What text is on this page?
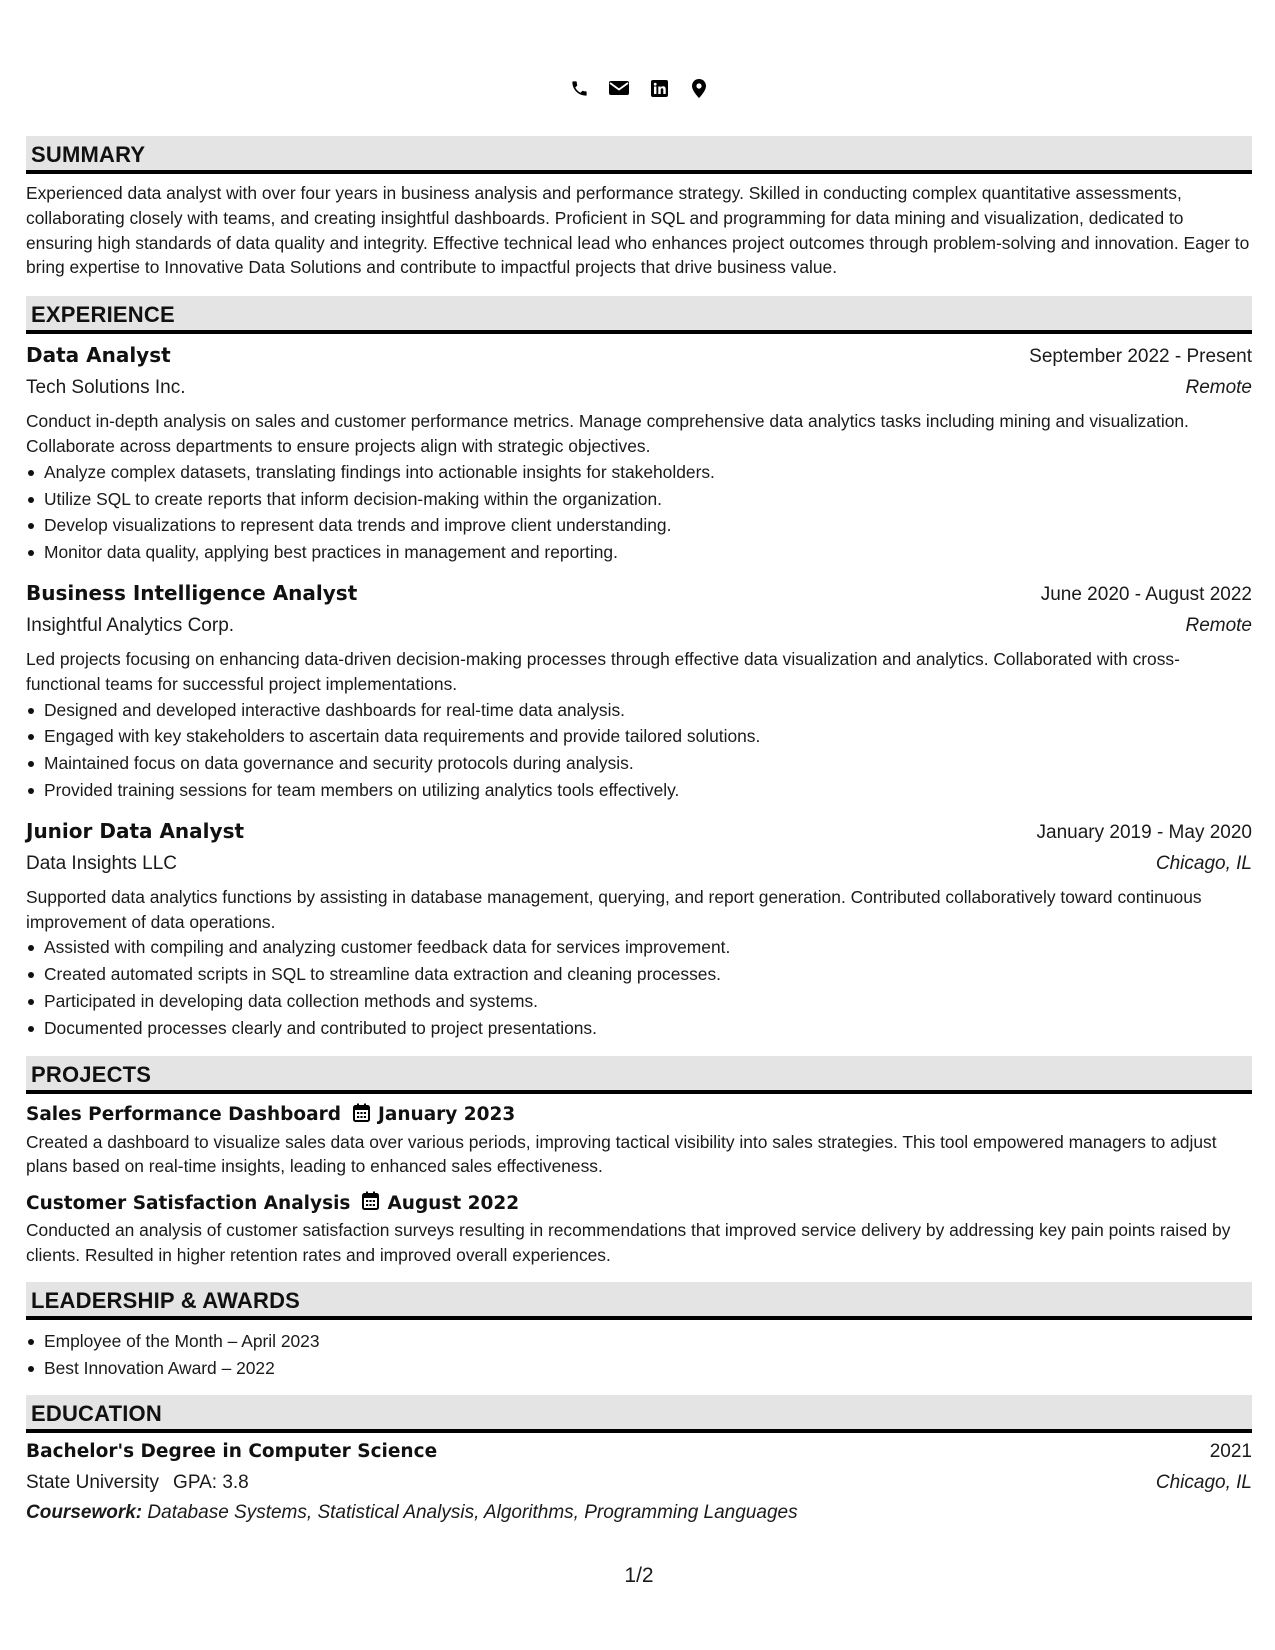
SUMMARY

Experienced data analyst with over four years in business analysis and performance strategy. Skilled in conducting complex quantitative assessments, collaborating closely with teams, and creating insightful dashboards. Proficient in SQL and programming for data mining and visualization, dedicated to ensuring high standards of data quality and integrity. Effective technical lead who enhances project outcomes through problem-solving and innovation. Eager to bring expertise to Innovative Data Solutions and contribute to impactful projects that drive business value.

EXPERIENCE
Data Analyst	September 2022 - Present
Tech Solutions Inc.	Remote

Conduct in-depth analysis on sales and customer performance metrics. Manage comprehensive data analytics tasks including mining and visualization. Collaborate across departments to ensure projects align with strategic objectives.

Analyze complex datasets, translating findings into actionable insights for stakeholders.
Utilize SQL to create reports that inform decision-making within the organization.
Develop visualizations to represent data trends and improve client understanding.
Monitor data quality, applying best practices in management and reporting.
Business Intelligence Analyst	June 2020 - August 2022
Insightful Analytics Corp.	Remote

Led projects focusing on enhancing data-driven decision-making processes through effective data visualization and analytics. Collaborated with cross-functional teams for successful project implementations.

Designed and developed interactive dashboards for real-time data analysis.
Engaged with key stakeholders to ascertain data requirements and provide tailored solutions.
Maintained focus on data governance and security protocols during analysis.
Provided training sessions for team members on utilizing analytics tools effectively.
Junior Data Analyst	January 2019 - May 2020
Data Insights LLC	Chicago, IL

Supported data analytics functions by assisting in database management, querying, and report generation. Contributed collaboratively toward continuous improvement of data operations.

Assisted with compiling and analyzing customer feedback data for services improvement.
Created automated scripts in SQL to streamline data extraction and cleaning processes.
Participated in developing data collection methods and systems.
Documented processes clearly and contributed to project presentations.
PROJECTS
Sales Performance Dashboard January 2023

Created a dashboard to visualize sales data over various periods, improving tactical visibility into sales strategies. This tool empowered managers to adjust plans based on real-time insights, leading to enhanced sales effectiveness.

Customer Satisfaction Analysis August 2022

Conducted an analysis of customer satisfaction surveys resulting in recommendations that improved service delivery by addressing key pain points raised by clients. Resulted in higher retention rates and improved overall experiences.

LEADERSHIP & AWARDS
Employee of the Month – April 2023
Best Innovation Award – 2022
EDUCATION
Bachelor's Degree in Computer Science	2021
State University GPA: 3.8	Chicago, IL
Coursework: Database Systems, Statistical Analysis, Algorithms, Programming Languages
1/2
